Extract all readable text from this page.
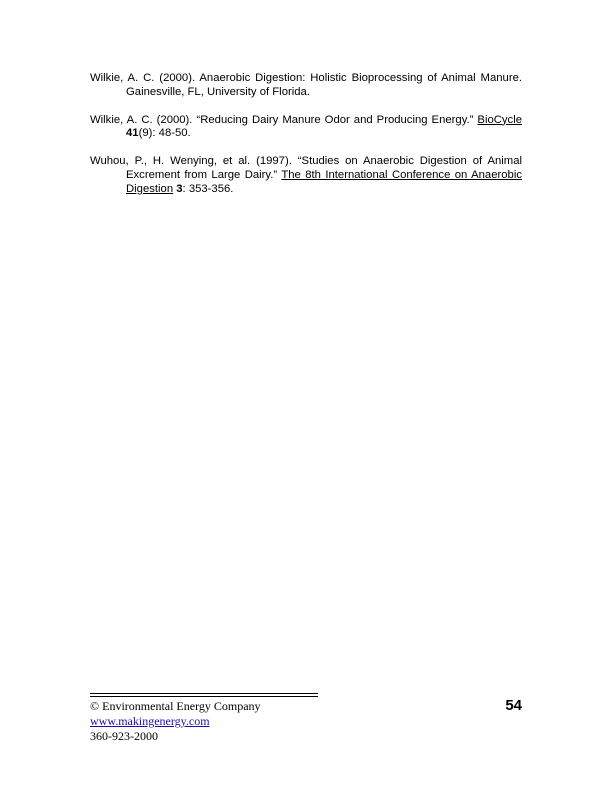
Wilkie, A. C. (2000). Anaerobic Digestion: Holistic Bioprocessing of Animal Manure. Gainesville, FL, University of Florida.

Wilkie, A. C. (2000). “Reducing Dairy Manure Odor and Producing Energy.” BioCycle 41(9): 48-50.

Wuhou, P., H. Wenying, et al. (1997). “Studies on Anaerobic Digestion of Animal Excrement from Large Dairy.” The 8th International Conference on Anaerobic Digestion 3: 353-356.

© Environmental Energy Company
www.makingenergy.com
360-923-2000
54
